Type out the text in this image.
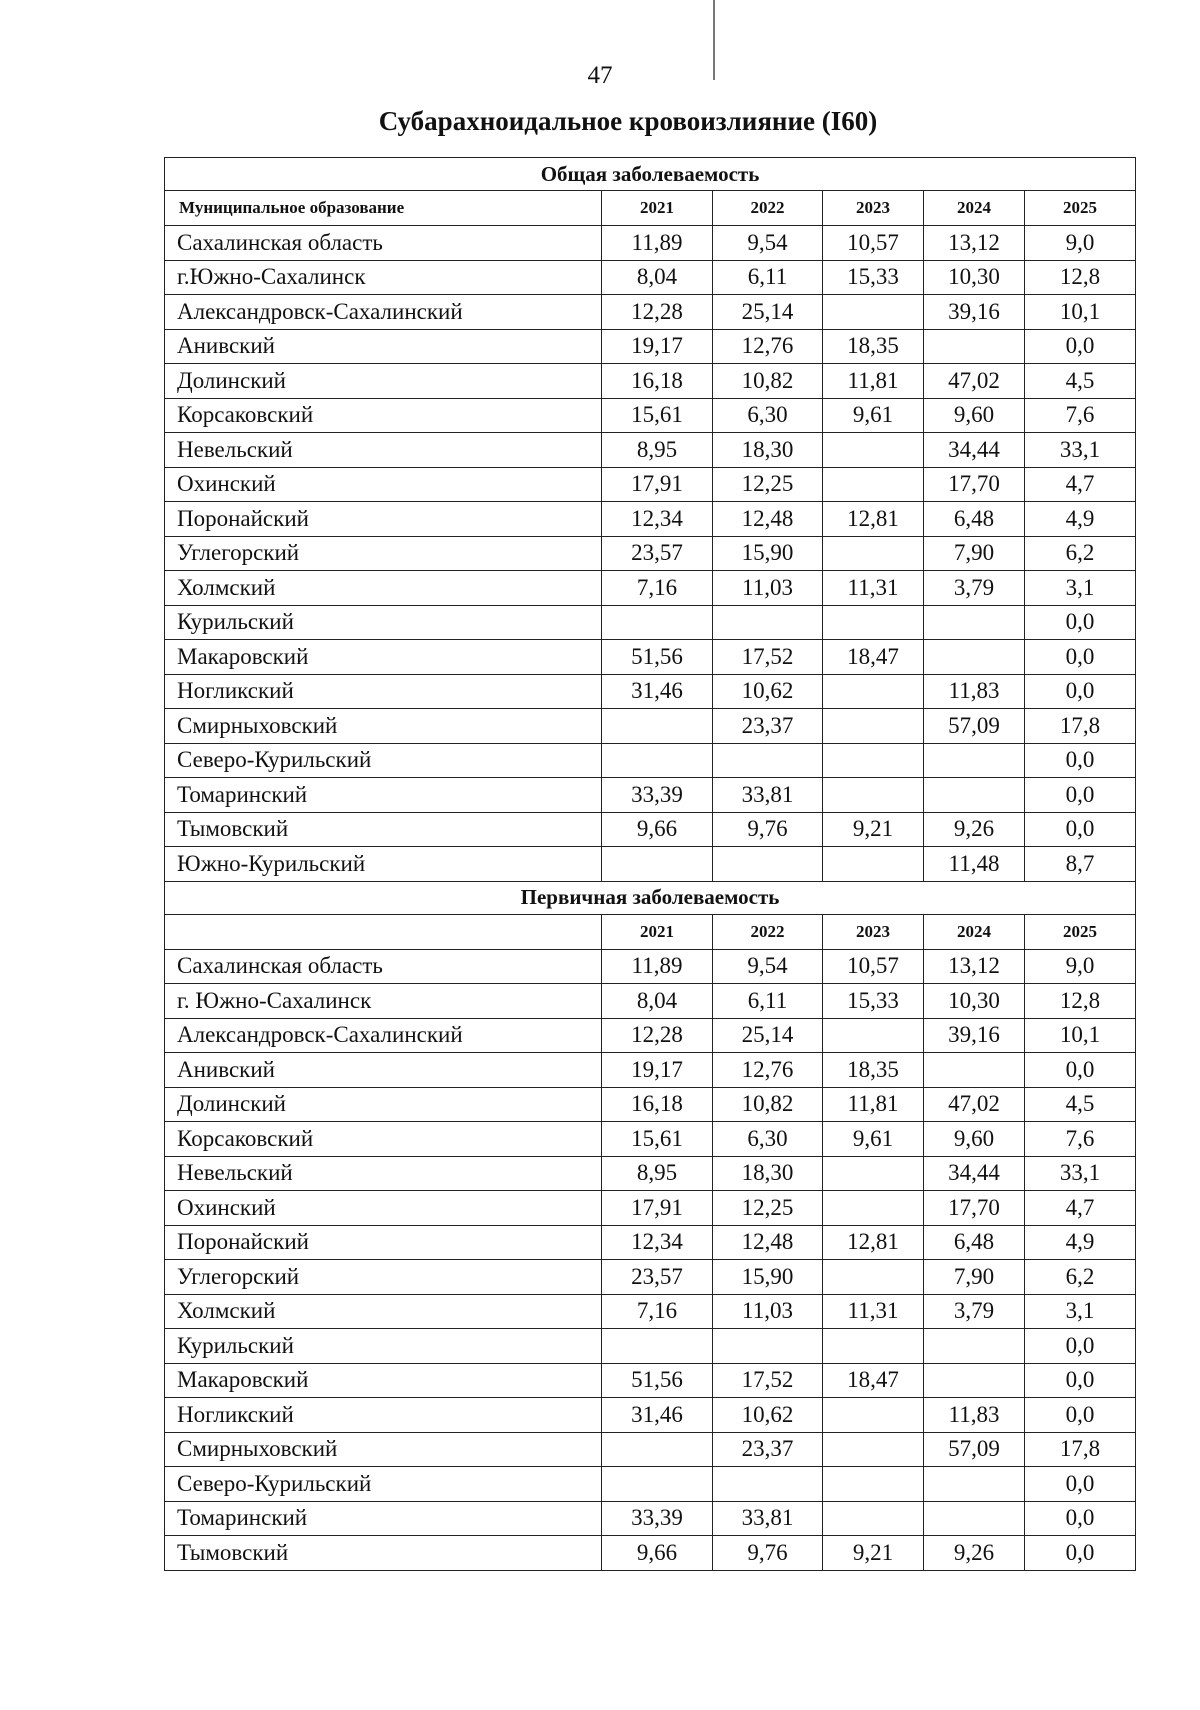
47
Субарахноидальное кровоизлияние (I60)
Общая заболеваемость					
Муниципальное образование	2021	2022	2023	2024	2025
Сахалинская область	11,89	9,54	10,57	13,12	9,0
г.Южно-Сахалинск	8,04	6,11	15,33	10,30	12,8
Александровск-Сахалинский	12,28	25,14		39,16	10,1
Анивский	19,17	12,76	18,35		0,0
Долинский	16,18	10,82	11,81	47,02	4,5
Корсаковский	15,61	6,30	9,61	9,60	7,6
Невельский	8,95	18,30		34,44	33,1
Охинский	17,91	12,25		17,70	4,7
Поронайский	12,34	12,48	12,81	6,48	4,9
Углегорский	23,57	15,90		7,90	6,2
Холмский	7,16	11,03	11,31	3,79	3,1
Курильский					0,0
Макаровский	51,56	17,52	18,47		0,0
Ногликский	31,46	10,62		11,83	0,0
Смирныховский		23,37		57,09	17,8
Северо-Курильский					0,0
Томаринский	33,39	33,81			0,0
Тымовский	9,66	9,76	9,21	9,26	0,0
Южно-Курильский				11,48	8,7
Первичная заболеваемость					
	2021	2022	2023	2024	2025
Сахалинская область	11,89	9,54	10,57	13,12	9,0
г. Южно-Сахалинск	8,04	6,11	15,33	10,30	12,8
Александровск-Сахалинский	12,28	25,14		39,16	10,1
Анивский	19,17	12,76	18,35		0,0
Долинский	16,18	10,82	11,81	47,02	4,5
Корсаковский	15,61	6,30	9,61	9,60	7,6
Невельский	8,95	18,30		34,44	33,1
Охинский	17,91	12,25		17,70	4,7
Поронайский	12,34	12,48	12,81	6,48	4,9
Углегорский	23,57	15,90		7,90	6,2
Холмский	7,16	11,03	11,31	3,79	3,1
Курильский					0,0
Макаровский	51,56	17,52	18,47		0,0
Ногликский	31,46	10,62		11,83	0,0
Смирныховский		23,37		57,09	17,8
Северо-Курильский					0,0
Томаринский	33,39	33,81			0,0
Тымовский	9,66	9,76	9,21	9,26	0,0
